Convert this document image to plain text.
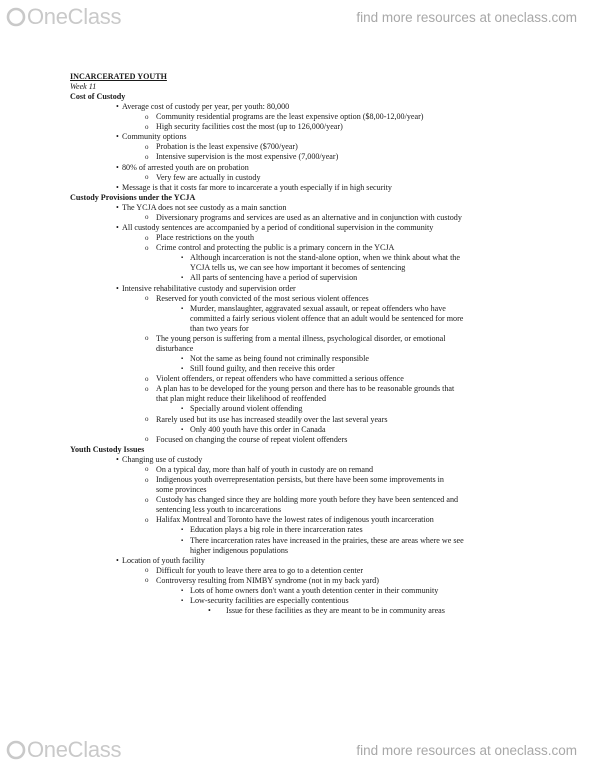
OneClass	find more resources at oneclass.com
INCARCERATED YOUTH
Week 11
Cost of Custody
• Average cost of custody per year, per youth: 80,000
o Community residential programs are the least expensive option ($8,00-12,00/year)
o High security facilities cost the most (up to 126,000/year)
• Community options
o Probation is the least expensive ($700/year)
o Intensive supervision is the most expensive (7,000/year)
• 80% of arrested youth are on probation
o Very few are actually in custody
• Message is that it costs far more to incarcerate a youth especially if in high security
Custody Provisions under the YCJA
• The YCJA does not see custody as a main sanction
o Diversionary programs and services are used as an alternative and in conjunction with custody
• All custody sentences are accompanied by a period of conditional supervision in the community
o Place restrictions on the youth
o Crime control and protecting the public is a primary concern in the YCJA
▪ Although incarceration is not the stand-alone option, when we think about what the
YCJA tells us, we can see how important it becomes of sentencing
▪ All parts of sentencing have a period of supervision
• Intensive rehabilitative custody and supervision order
o Reserved for youth convicted of the most serious violent offences
▪ Murder, manslaughter, aggravated sexual assault, or repeat offenders who have
committed a fairly serious violent offence that an adult would be sentenced for more
than two years for
o The young person is suffering from a mental illness, psychological disorder, or emotional
disturbance
▪ Not the same as being found not criminally responsible
▪ Still found guilty, and then receive this order
o Violent offenders, or repeat offenders who have committed a serious offence
o A plan has to be developed for the young person and there has to be reasonable grounds that
that plan might reduce their likelihood of reoffended
▪ Specially around violent offending
o Rarely used but its use has increased steadily over the last several years
▪ Only 400 youth have this order in Canada
o Focused on changing the course of repeat violent offenders
Youth Custody Issues
• Changing use of custody
o On a typical day, more than half of youth in custody are on remand
o Indigenous youth overrepresentation persists, but there have been some improvements in
some provinces
o Custody has changed since they are holding more youth before they have been sentenced and
sentencing less youth to incarcerations
o Halifax Montreal and Toronto have the lowest rates of indigenous youth incarceration
▪ Education plays a big role in there incarceration rates
▪ There incarceration rates have increased in the prairies, these are areas where we see
higher indigenous populations
• Location of youth facility
o Difficult for youth to leave there area to go to a detention center
o Controversy resulting from NIMBY syndrome (not in my back yard)
▪ Lots of home owners don't want a youth detention center in their community
▪ Low-security facilities are especially contentious
• Issue for these facilities as they are meant to be in community areas
OneClass	find more resources at oneclass.com
